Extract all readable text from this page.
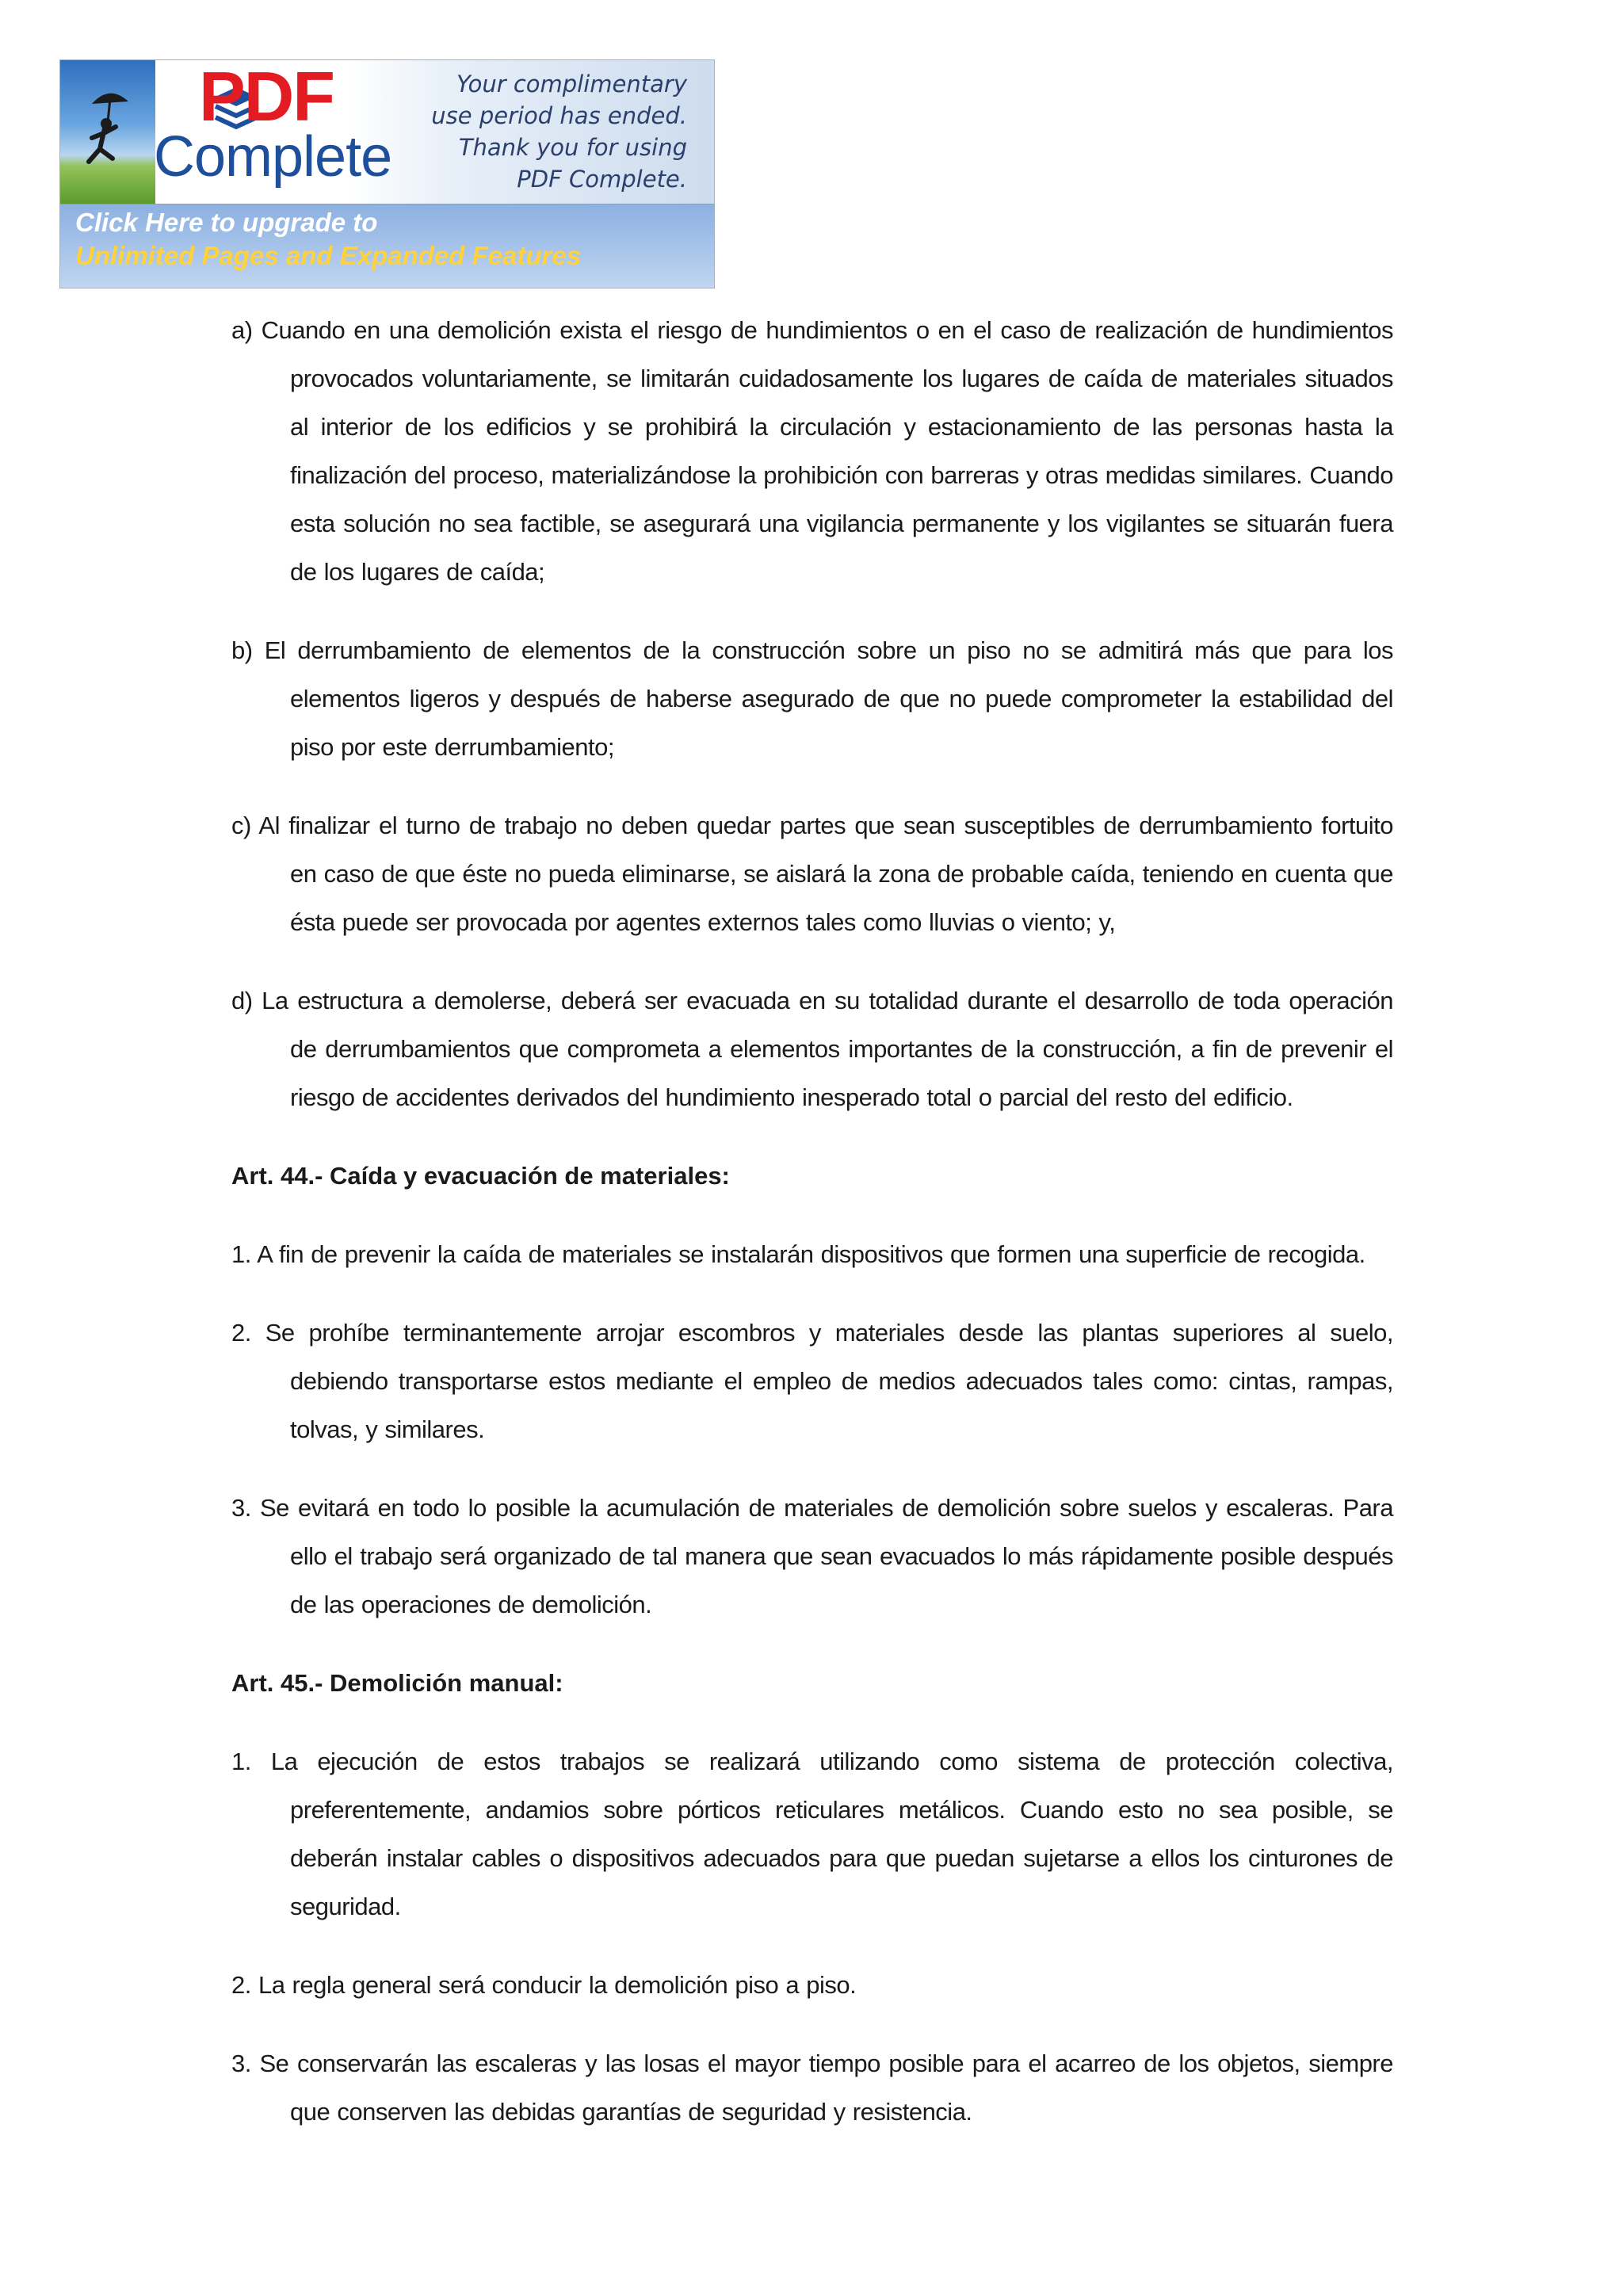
PDF
Complete
Your complimentary
use period has ended.
Thank you for using
PDF Complete.
Click Here to upgrade to
Unlimited Pages and Expanded Features

a) Cuando en una demolición exista el riesgo de hundimientos o en el caso de realización de hundimientos provocados voluntariamente, se limitarán cuidadosamente los lugares de caída de materiales situados al interior de los edificios y se prohibirá la circulación y estacionamiento de las personas hasta la finalización del proceso, materializándose la prohibición con barreras y otras medidas similares. Cuando esta solución no sea factible, se asegurará una vigilancia permanente y los vigilantes se situarán fuera de los lugares de caída;

b) El derrumbamiento de elementos de la construcción sobre un piso no se admitirá más que para los elementos ligeros y después de haberse asegurado de que no puede comprometer la estabilidad del piso por este derrumbamiento;

c) Al finalizar el turno de trabajo no deben quedar partes que sean susceptibles de derrumbamiento fortuito en caso de que éste no pueda eliminarse, se aislará la zona de probable caída, teniendo en cuenta que ésta puede ser provocada por agentes externos tales como lluvias o viento; y,

d) La estructura a demolerse, deberá ser evacuada en su totalidad durante el desarrollo de toda operación de derrumbamientos que comprometa a elementos importantes de la construcción, a fin de prevenir el riesgo de accidentes derivados del hundimiento inesperado total o parcial del resto del edificio.

Art. 44.- Caída y evacuación de materiales:

1. A fin de prevenir la caída de materiales se instalarán dispositivos que formen una superficie de recogida.

2. Se prohíbe terminantemente arrojar escombros y materiales desde las plantas superiores al suelo, debiendo transportarse estos mediante el empleo de medios adecuados tales como: cintas, rampas, tolvas, y similares.

3. Se evitará en todo lo posible la acumulación de materiales de demolición sobre suelos y escaleras. Para ello el trabajo será organizado de tal manera que sean evacuados lo más rápidamente posible después de las operaciones de demolición.

Art. 45.- Demolición manual:

1. La ejecución de estos trabajos se realizará utilizando como sistema de protección colectiva, preferentemente, andamios sobre pórticos reticulares metálicos. Cuando esto no sea posible, se deberán instalar cables o dispositivos adecuados para que puedan sujetarse a ellos los cinturones de seguridad.

2. La regla general será conducir la demolición piso a piso.

3. Se conservarán las escaleras y las losas el mayor tiempo posible para el acarreo de los objetos, siempre que conserven las debidas garantías de seguridad y resistencia.
